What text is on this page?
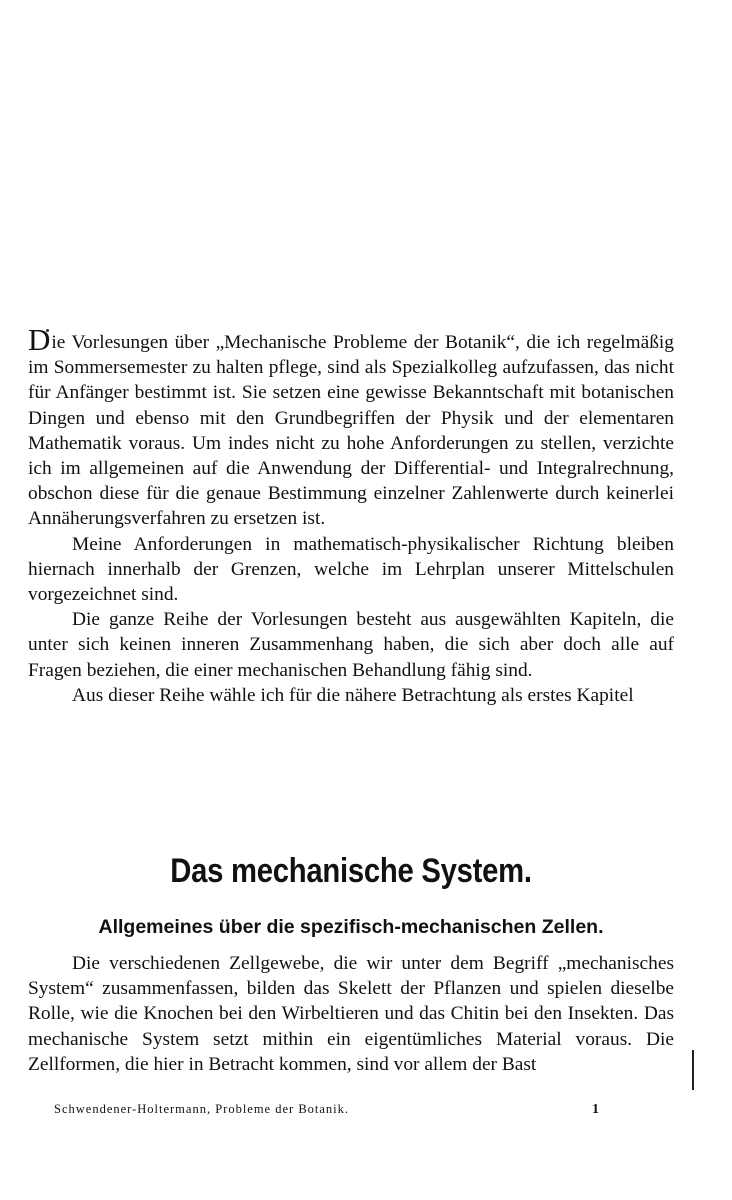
Die Vorlesungen über „Mechanische Probleme der Botanik“, die ich regelmäßig im Sommersemester zu halten pflege, sind als Spezialkolleg aufzufassen, das nicht für Anfänger bestimmt ist. Sie setzen eine gewisse Bekanntschaft mit botanischen Dingen und ebenso mit den Grundbegriffen der Physik und der elementaren Mathematik voraus. Um indes nicht zu hohe Anforderungen zu stellen, verzichte ich im allgemeinen auf die Anwendung der Differential- und Integralrechnung, obschon diese für die genaue Bestimmung einzelner Zahlenwerte durch keinerlei Annäherungsverfahren zu ersetzen ist.

Meine Anforderungen in mathematisch-physikalischer Richtung bleiben hiernach innerhalb der Grenzen, welche im Lehrplan unserer Mittelschulen vorgezeichnet sind.

Die ganze Reihe der Vorlesungen besteht aus ausgewählten Kapiteln, die unter sich keinen inneren Zusammenhang haben, die sich aber doch alle auf Fragen beziehen, die einer mechanischen Behandlung fähig sind.

Aus dieser Reihe wähle ich für die nähere Betrachtung als erstes Kapitel

Das mechanische System.
Allgemeines über die spezifisch-mechanischen Zellen.

Die verschiedenen Zellgewebe, die wir unter dem Begriff „mechanisches System“ zusammenfassen, bilden das Skelett der Pflanzen und spielen dieselbe Rolle, wie die Knochen bei den Wirbeltieren und das Chitin bei den Insekten. Das mechanische System setzt mithin ein eigentümliches Material voraus. Die Zellformen, die hier in Betracht kommen, sind vor allem der Bast

Schwendener-Holtermann, Probleme der Botanik.	1
